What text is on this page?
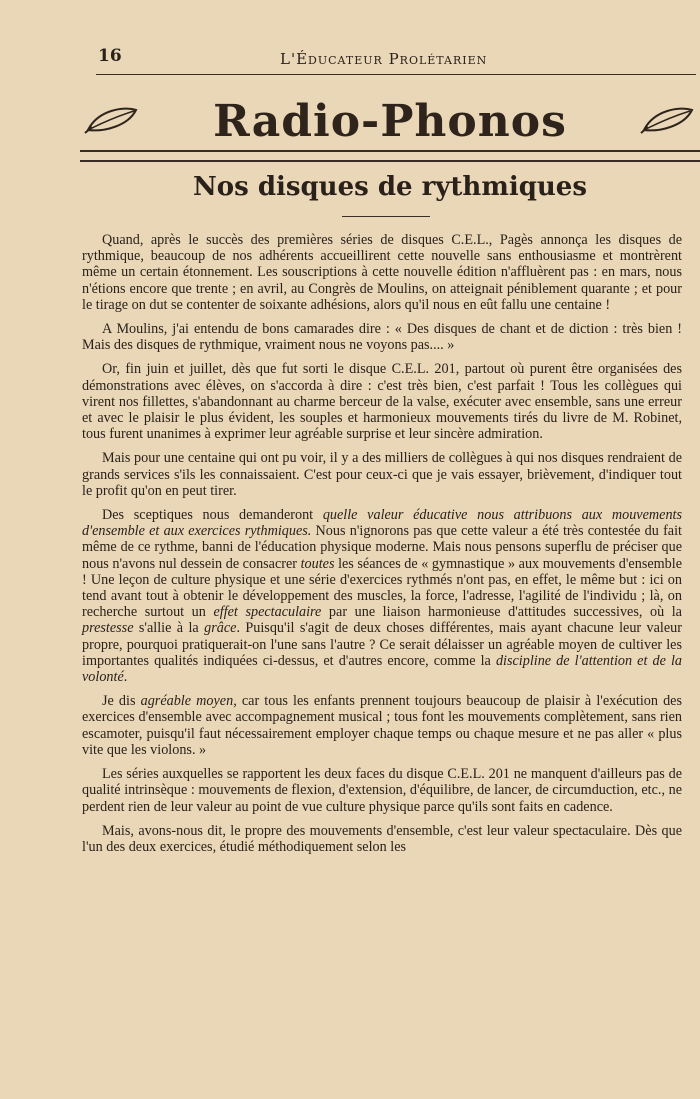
16	L'Éducateur Prolétarien
Radio-Phonos
Nos disques de rythmiques

Quand, après le succès des premières séries de disques C.E.L., Pagès annonça les disques de rythmique, beaucoup de nos adhérents accueillirent cette nouvelle sans enthousiasme et montrèrent même un certain étonnement. Les souscriptions à cette nouvelle édition n'affluèrent pas : en mars, nous n'étions encore que trente ; en avril, au Congrès de Moulins, on atteignait péniblement quarante ; et pour le tirage on dut se contenter de soixante adhésions, alors qu'il nous en eût fallu une centaine !

A Moulins, j'ai entendu de bons camarades dire : « Des disques de chant et de diction : très bien ! Mais des disques de rythmique, vraiment nous ne voyons pas.... »

Or, fin juin et juillet, dès que fut sorti le disque C.E.L. 201, partout où purent être organisées des démonstrations avec élèves, on s'accorda à dire : c'est très bien, c'est parfait ! Tous les collègues qui virent nos fillettes, s'abandonnant au charme berceur de la valse, exécuter avec ensemble, sans une erreur et avec le plaisir le plus évident, les souples et harmonieux mouvements tirés du livre de M. Robinet, tous furent unanimes à exprimer leur agréable surprise et leur sincère admiration.

Mais pour une centaine qui ont pu voir, il y a des milliers de collègues à qui nos disques rendraient de grands services s'ils les connaissaient. C'est pour ceux-ci que je vais essayer, brièvement, d'indiquer tout le profit qu'on en peut tirer.

Des sceptiques nous demanderont quelle valeur éducative nous attribuons aux mouvements d'ensemble et aux exercices rythmiques. Nous n'ignorons pas que cette valeur a été très contestée du fait même de ce rythme, banni de l'éducation physique moderne. Mais nous pensons superflu de préciser que nous n'avons nul dessein de consacrer toutes les séances de « gymnastique » aux mouvements d'ensemble ! Une leçon de culture physique et une série d'exercices rythmés n'ont pas, en effet, le même but : ici on tend avant tout à obtenir le développement des muscles, la force, l'adresse, l'agilité de l'individu ; là, on recherche surtout un effet spectaculaire par une liaison harmonieuse d'attitudes successives, où la prestesse s'allie à la grâce. Puisqu'il s'agit de deux choses différentes, mais ayant chacune leur valeur propre, pourquoi pratiquerait-on l'une sans l'autre ? Ce serait délaisser un agréable moyen de cultiver les importantes qualités indiquées ci-dessus, et d'autres encore, comme la discipline de l'attention et de la volonté.

Je dis agréable moyen, car tous les enfants prennent toujours beaucoup de plaisir à l'exécution des exercices d'ensemble avec accompagnement musical ; tous font les mouvements complètement, sans rien escamoter, puisqu'il faut nécessairement employer chaque temps ou chaque mesure et ne pas aller « plus vite que les violons. »

Les séries auxquelles se rapportent les deux faces du disque C.E.L. 201 ne manquent d'ailleurs pas de qualité intrinsèque : mouvements de flexion, d'extension, d'équilibre, de lancer, de circumduction, etc., ne perdent rien de leur valeur au point de vue culture physique parce qu'ils sont faits en cadence.

Mais, avons-nous dit, le propre des mouvements d'ensemble, c'est leur valeur spectaculaire. Dès que l'un des deux exercices, étudié méthodiquement selon les
